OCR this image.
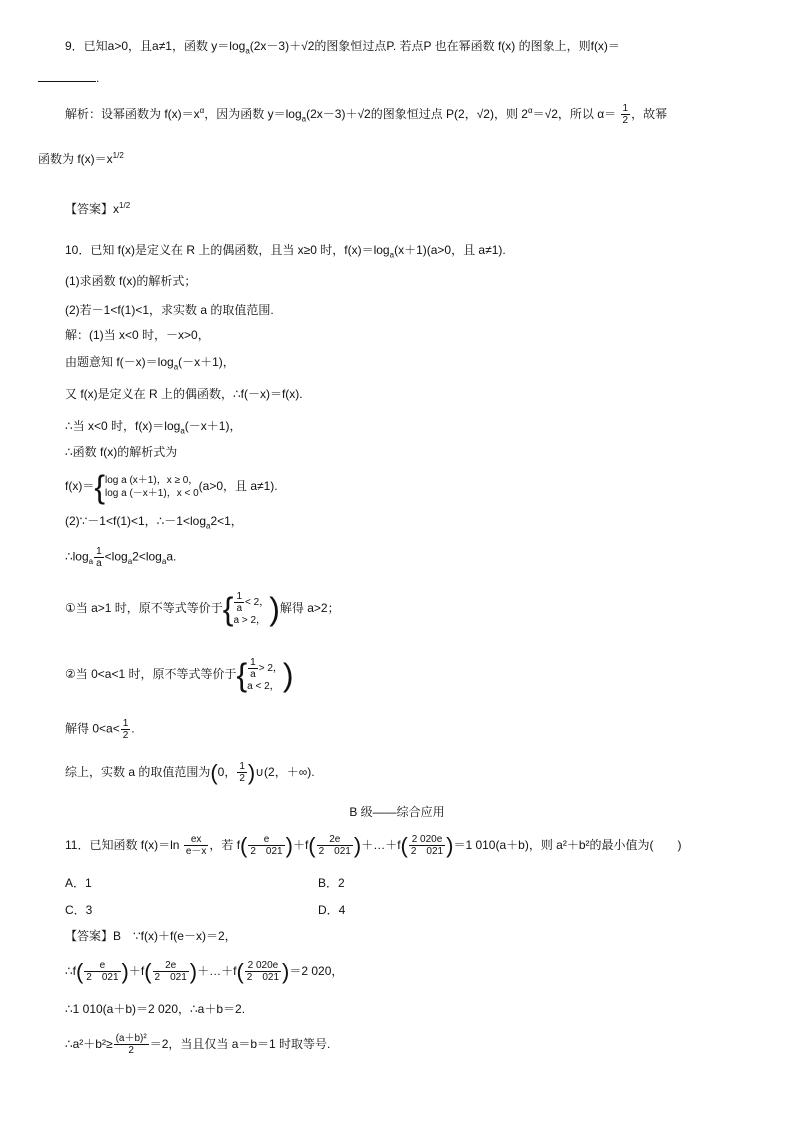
9．已知a>0，且a≠1，函数 $y=\log_a(2x-3)+√2$的图象恒过点P. 若点P 也在幂函数 f(x) 的图象上，则f(x)＝
.
解析：设幂函数为 $f(x)=x^\alpha$，因为函数 $y=\log_a(2x-3)+√2$的图象恒过点 P(2，√2)，则 $2^\alpha=√2$，所以 $\alpha= \frac{1}{2}$ ，故幂
函数为 $f(x)=x^{1/2}$
【答案】$x^{1/2}$
10．已知 f(x)是定义在 R 上的偶函数，且当 x≥0 时，$f(x)=\log_a(x+1)(a>0$，且 a≠1).
(1)求函数 f(x)的解析式；
(2)若－1<f(1)<1，求实数 a 的取值范围.
解：(1)当 x<0 时，－x>0，
由题意知 $f(-x)=\log_a(-x+1)$，
又 f(x)是定义在 R 上的偶函数，∴f(－x)＝f(x).
∴当 x<0 时，$f(x)=\log_a(-x+1)$，
∴函数 f(x)的解析式为
f(x)＝{ log a (x＋1)，x ≥ 0，
log a (－x＋1)，x < 0
(a>0，且 a≠1).
(2)∵－1<f(1)<1，$\therefore-1<\log_a2<1$，
$\therefore\log_a \frac{1}{a} <\log_a2<\log_aa$.
①当 a>1 时，原不等式等价于{ $\frac{1}{a} < 2$，
a > 2， )解得 a>2；
②当 0<a<1 时，原不等式等价于{ $\frac{1}{a} > 2$，
a < 2， )
解得 $0<a< \frac{1}{2}$ .
综上，实数 a 的取值范围为(0， $\frac{1}{2}$ )∪(2，＋∞).
B 级——综合应用
11．已知函数 $f(x)=\ln \frac{ex}{e-x}$ ，若 $f( \frac{e}{2 021} )+f( \frac{2e}{2 021}$ )＋…＋f( $\frac{2 020e}{2 021} )=1$ 010(a＋b)，则 a²＋b²的最小值为(　　)
A．1	B．2
C．3	D．4
【答案】B　∵f(x)＋f(e－x)＝2，
∴f( $\frac{e}{2 021} )+f( \frac{2e}{2 021}$ )＋…＋f( $\frac{2 020e}{2 021} )=2$ 020，
∴1 010(a＋b)＝2 020，∴a＋b＝2.
∴a²＋b²≥ $\frac{\text{(a＋b)²}}{2} =2$，当且仅当 a＝b＝1 时取等号.
